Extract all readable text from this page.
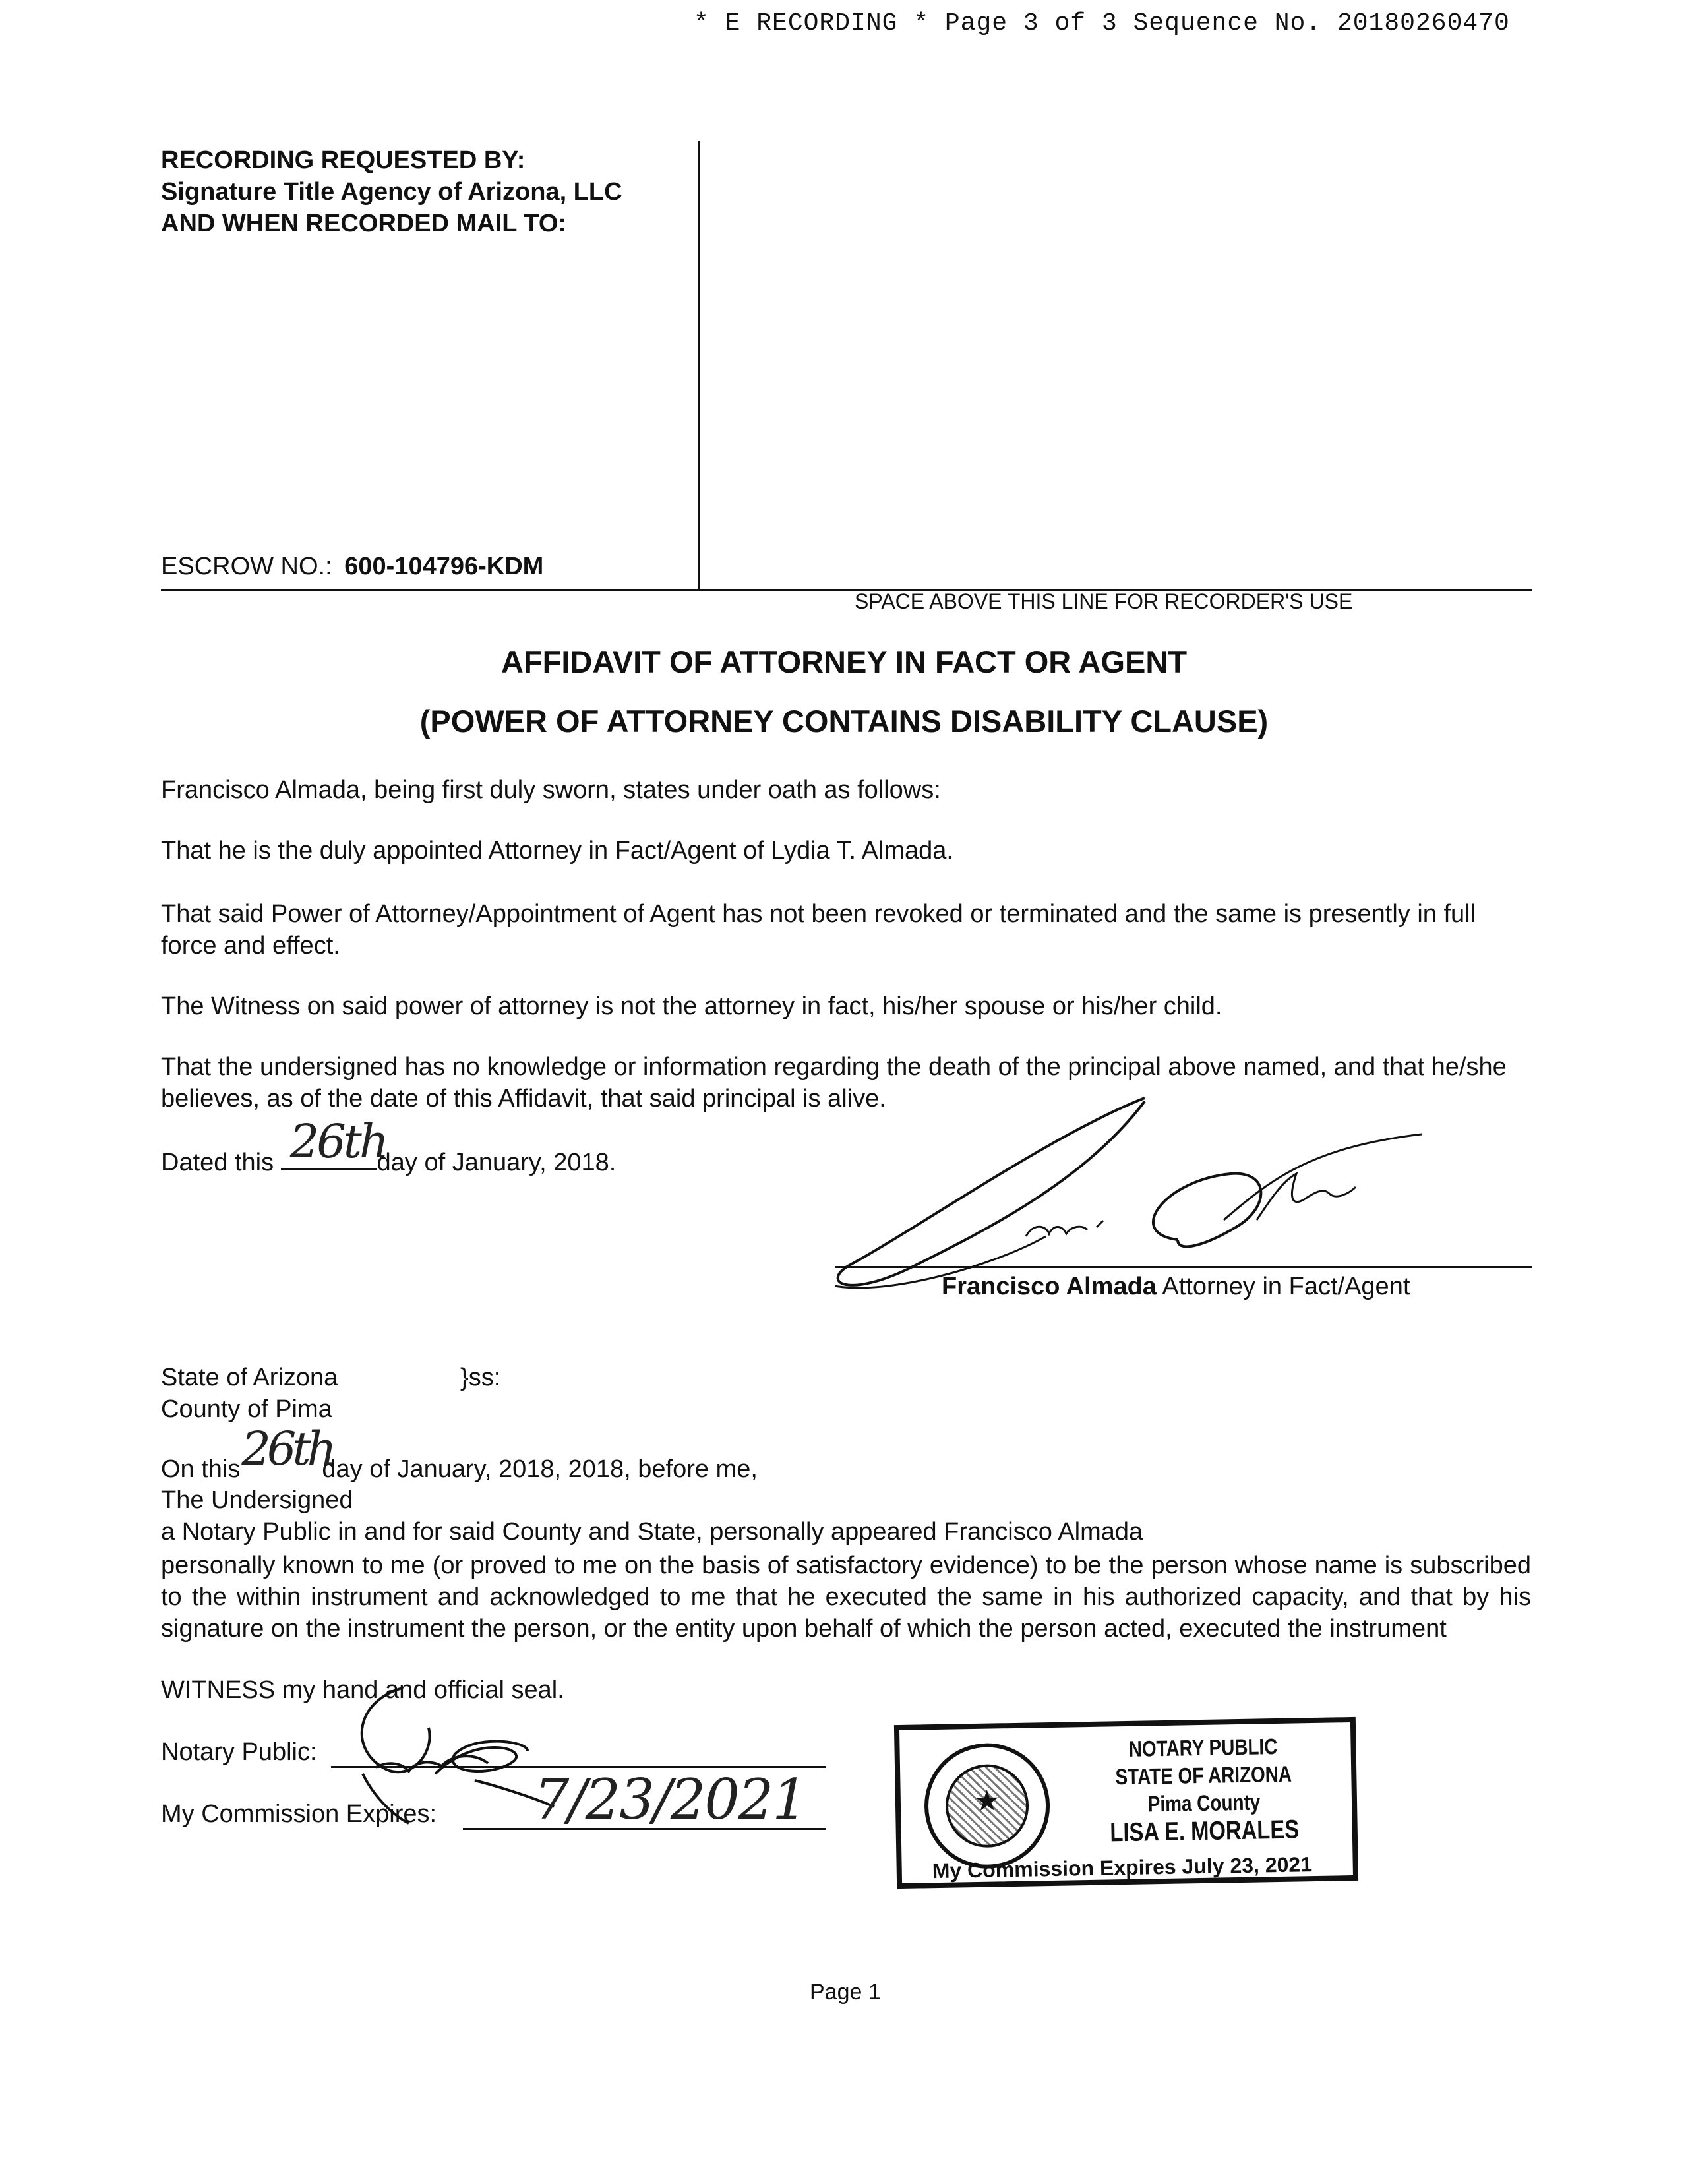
* E RECORDING * Page 3 of 3 Sequence No. 20180260470
RECORDING REQUESTED BY:
Signature Title Agency of Arizona, LLC
AND WHEN RECORDED MAIL TO:
ESCROW NO.: 600-104796-KDM
SPACE ABOVE THIS LINE FOR RECORDER'S USE
AFFIDAVIT OF ATTORNEY IN FACT OR AGENT
(POWER OF ATTORNEY CONTAINS DISABILITY CLAUSE)

Francisco Almada, being first duly sworn, states under oath as follows:

That he is the duly appointed Attorney in Fact/Agent of Lydia T. Almada.

That said Power of Attorney/Appointment of Agent has not been revoked or terminated and the same is presently in full force and effect.

The Witness on said power of attorney is not the attorney in fact, his/her spouse or his/her child.

That the undersigned has no knowledge or information regarding the death of the principal above named, and that he/she believes, as of the date of this Affidavit, that said principal is alive.

Dated this 26th
day of January, 2018.
Francisco Almada Attorney in Fact/Agent
State of Arizona	}ss:
County of Pima
On this 26th
day of January, 2018, 2018, before me,
The Undersigned
a Notary Public in and for said County and State, personally appeared Francisco Almada

personally known to me (or proved to me on the basis of satisfactory evidence) to be the person whose name is subscribed to the within instrument and acknowledged to me that he executed the same in his authorized capacity, and that by his signature on the instrument the person, or the entity upon behalf of which the person acted, executed the instrument

WITNESS my hand and official seal.
Notary Public:
My Commission Expires: 7/23/2021	★
NOTARY PUBLIC
STATE OF ARIZONA
Pima County
LISA E. MORALES
My Commission Expires July 23, 2021
Page 1
